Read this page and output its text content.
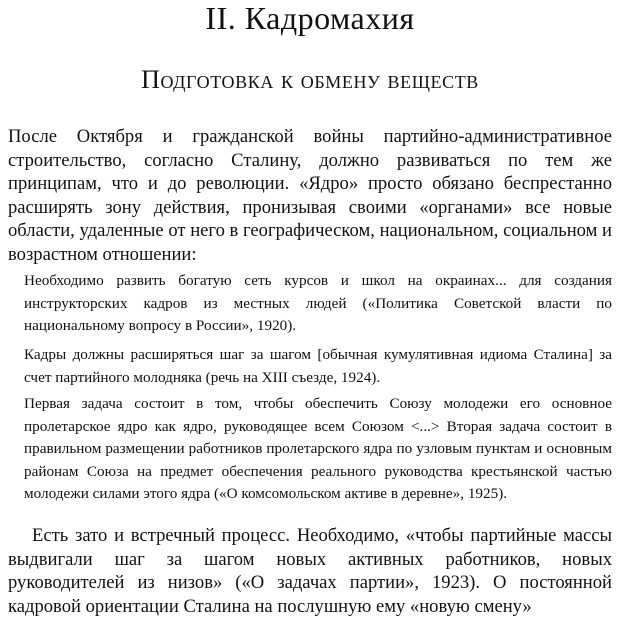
II. Кадромахия
Подготовка к обмену веществ

После Октября и гражданской войны партийно-административное строительство, согласно Сталину, должно развиваться по тем же принципам, что и до революции. «Ядро» просто обязано беспрестанно расширять зону действия, пронизывая своими «органами» все новые области, удаленные от него в географическом, национальном, социальном и возрастном отношении:

Необходимо развить богатую сеть курсов и школ на окраинах... для создания инструкторских кадров из местных людей («Политика Советской власти по национальному вопросу в России», 1920).

Кадры должны расширяться шаг за шагом [обычная кумулятивная идиома Сталина] за счет партийного молодняка (речь на XIII съезде, 1924).

Первая задача состоит в том, чтобы обеспечить Союзу молодежи его основное пролетарское ядро как ядро, руководящее всем Союзом <...> Вторая задача состоит в правильном размещении работников пролетарского ядра по узловым пунктам и основным районам Союза на предмет обеспечения реального руководства крестьянской частью молодежи силами этого ядра («О комсомольском активе в деревне», 1925).

Есть зато и встречный процесс. Необходимо, «чтобы партийные массы выдвигали шаг за шагом новых активных работников, новых руководителей из низов» («О задачах партии», 1923). О постоянной кадровой ориентации Сталина на послушную ему «новую смену»
